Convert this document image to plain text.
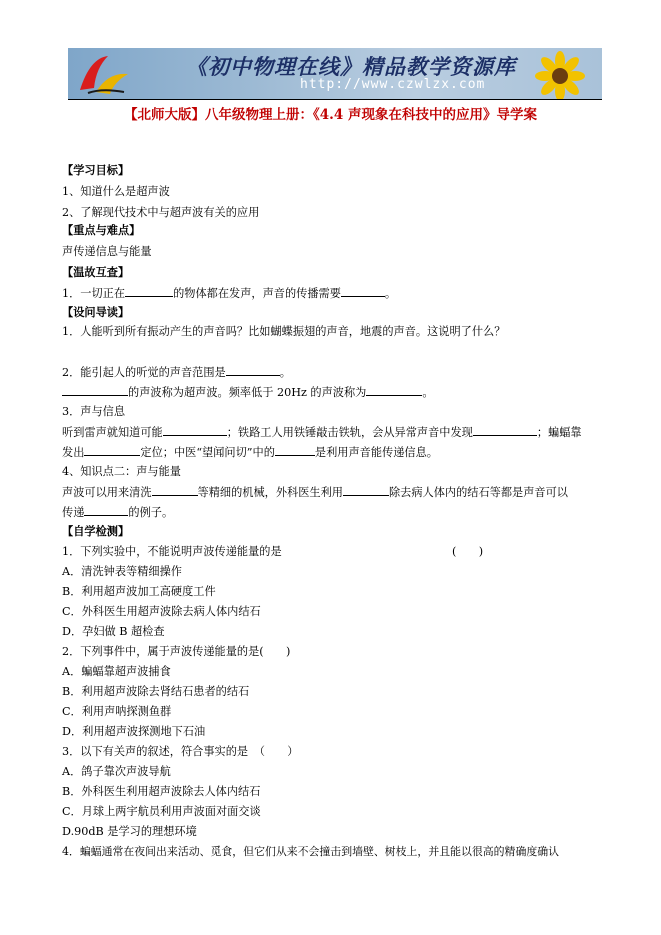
《初中物理在线》精品教学资源库
http://www.czwlzx.com
【北师大版】八年级物理上册：《4.4 声现象在科技中的应用》导学案
【学习目标】
1、知道什么是超声波
2、了解现代技术中与超声波有关的应用
【重点与难点】
声传递信息与能量
【温故互查】
1．一切正在	的物体都在发声，声音的传播需要	。
【设问导读】
1．人能听到所有振动产生的声音吗？比如蝴蝶振翅的声音，地震的声音。这说明了什么？
2．能引起人的听觉的声音范围是	。
的声波称为超声波。频率低于 20Hz 的声波称为	。
3．声与信息
听到雷声就知道可能	；铁路工人用铁锤敲击铁轨，会从异常声音中发现	；蝙蝠靠
发出	定位；中医“望闻问切”中的	是利用声音能传递信息。
4、知识点二：声与能量
声波可以用来清洗	等精细的机械，外科医生利用	除去病人体内的结石等都是声音可以
传递	的例子。
【自学检测】
1．下列实验中，不能说明声波传递能量的是	(　　)
A．清洗钟表等精细操作
B．利用超声波加工高硬度工件
C．外科医生用超声波除去病人体内结石
D．孕妇做 B 超检查
2．下列事件中，属于声波传递能量的是(　　)
A．蝙蝠靠超声波捕食
B．利用超声波除去肾结石患者的结石
C．利用声呐探测鱼群
D．利用超声波探测地下石油
3．以下有关声的叙述，符合事实的是　（　　）
A．鸽子靠次声波导航
B．外科医生利用超声波除去人体内结石
C．月球上两宇航员利用声波面对面交谈
D.90dB 是学习的理想环境
4．蝙蝠通常在夜间出来活动、觅食，但它们从来不会撞击到墙壁、树枝上，并且能以很高的精确度确认
